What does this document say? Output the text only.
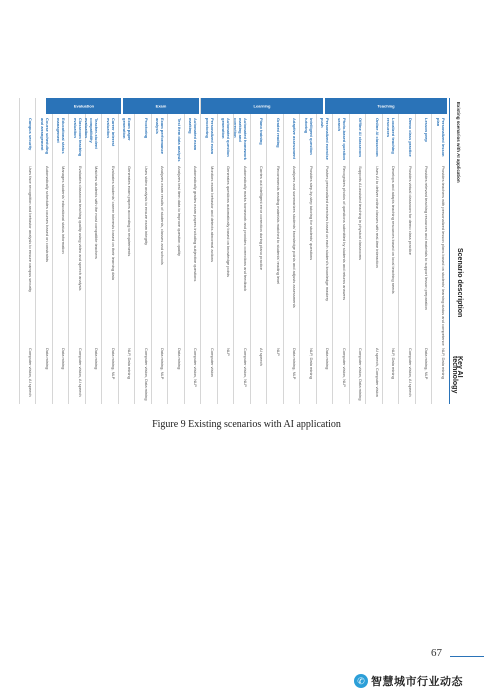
Existing scenarios with AI application
Scenario description
Key AI technology
Personalized lesson plan
Provides teachers with personalized lesson plans based on students' learning status and competence
NLP, Data mining
Lesson prep
Provides relevant teaching resources and materials to support lesson preparation
Data mining, NLP
Demo class practice
Provides virtual classroom for demo class practice
Computer vision, AI speech
Localized teaching resources
Develops and adapts teaching resources based on local teaching needs
NLP, Data mining
Online AI classroom
Uses AI to deliver online classes with real-time interaction
AI speech, Computer vision
Offline AI classroom
Supports AI-assisted teaching in physical classrooms
Computer vision, Data mining
Photo-based question search
Recognizes photos of questions submitted by students and returns answers
Computer vision, NLP
Personalized exercise push
Pushes personalized exercises based on each student's knowledge mastery
Data mining
Intelligent question tutoring
Provides step-by-step tutoring for students' questions
NLP, Data mining
Adaptive assessment
Analyzes and summarizes students' knowledge points and adjusts assessments
Data mining, NLP
Graded reading
Recommends reading materials matched to students' reading level
NLP
Piano training
Carries out intelligent error correction during piano practice
AI speech
Automated homework marking and correction
Automatically marks homework and provides corrections and feedback
Computer vision, NLP
Automated question generation
Generates questions automatically based on knowledge points
NLP
Personalized exam proctoring
Monitors exam behavior and detects abnormal actions
Computer vision
Automated exam marking
Automatically grades exam papers including subjective questions
Computer vision, NLP
Test item data analysis
Analyzes test item data to improve question quality
Data mining
Exam performance analysis
Analyzes exam results of students, classes and schools
Data mining, NLP
Proctoring
Uses video analysis to ensure exam integrity
Computer vision, Data mining
Exam paper generation
Generates exam papers according to requirements
NLP, Data mining
Career interest evaluation
Evaluates students' career interests based on their learning data
Data mining, NLP
Teacher-student compatibility evaluation
Matches students with the most compatible teachers
Data mining
Classroom teaching evaluation
Evaluates classroom teaching quality using video and speech analysis
Computer vision, AI speech
Educational status management
Manages students' educational status information
Data mining
Course scheduling and arrangement
Automatically schedules courses based on constraints
Data mining
Campus security
Uses face recognition and behavior analysis to ensure campus security
Computer vision, AI speech
Teaching
Learning
Exam
Evaluation
Figure 9 Existing scenarios with AI application
67
✆ 智慧城市行业动态
